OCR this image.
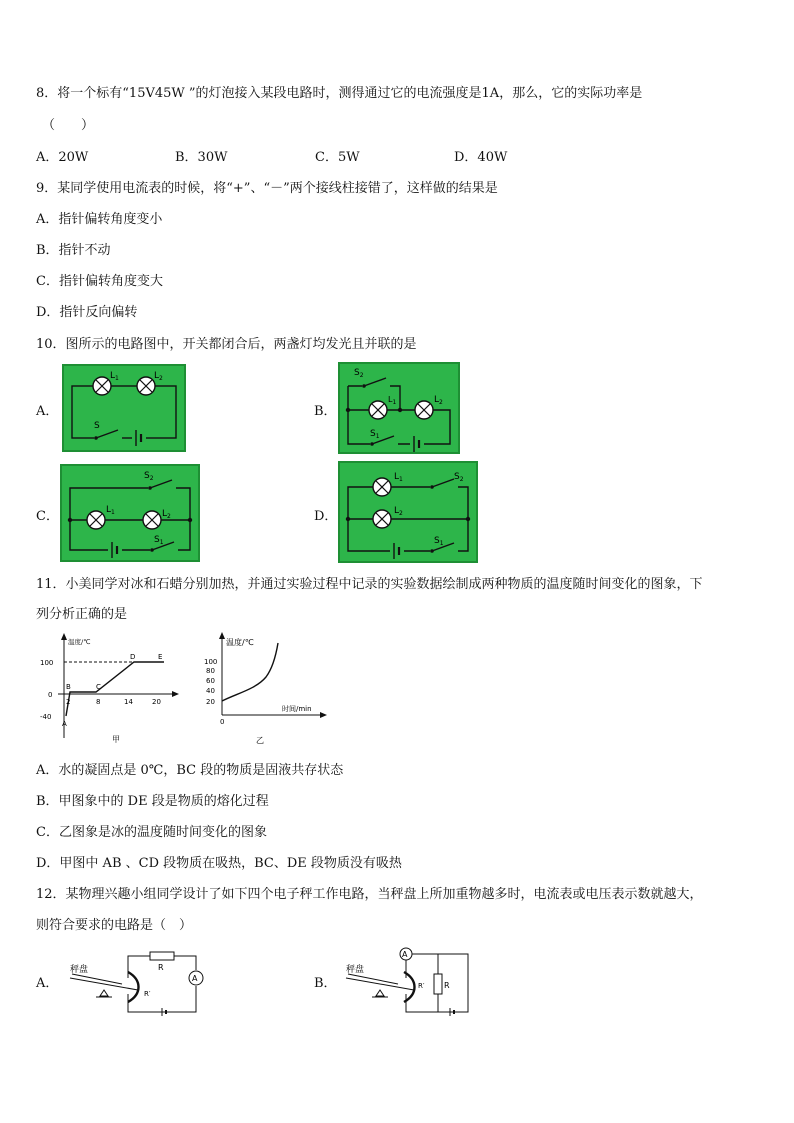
8．将一个标有“15V45W ”的灯泡接入某段电路时，测得通过它的电流强度是1A，那么，它的实际功率是
（　　）
A．20W	B．30W	C．5W	D．40W
9．某同学使用电流表的时候，将“+”、“－”两个接线柱接错了，这样做的结果是
A．指针偏转角度变小
B．指针不动
C．指针偏转角度变大
D．指针反向偏转
10．图所示的电路图中，开关都闭合后，两盏灯均发光且并联的是
A．
$L_1$	$L_2$
S
B．
$S_2$
$L_1$	$L_2$
$S_1$
C．
$S_2$
$L_1$	$L_2$
$S_1$
D．
$L_1$	$S_2$
$L_2$
$S_1$
11．小美同学对冰和石蜡分别加热，并通过实验过程中记录的实验数据绘制成两种物质的温度随时间变化的图象，下
列分析正确的是
温度/℃
100
0
-40
2	8	14	20
A
B	C
D	E
甲
温度/℃
100
80
60
40
20
0
时间/min
乙
A．水的凝固点是 0℃，BC 段的物质是固液共存状态
B．甲图象中的 DE 段是物质的熔化过程
C．乙图象是冰的温度随时间变化的图象
D．甲图中 AB 、CD 段物质在吸热，BC、DE 段物质没有吸热
12．某物理兴趣小组同学设计了如下四个电子秤工作电路，当秤盘上所加重物越多时，电流表或电压表示数就越大，
则符合要求的电路是（　）
A．	A
秤盘	R
R′
B．
A
秤盘
R
R′
